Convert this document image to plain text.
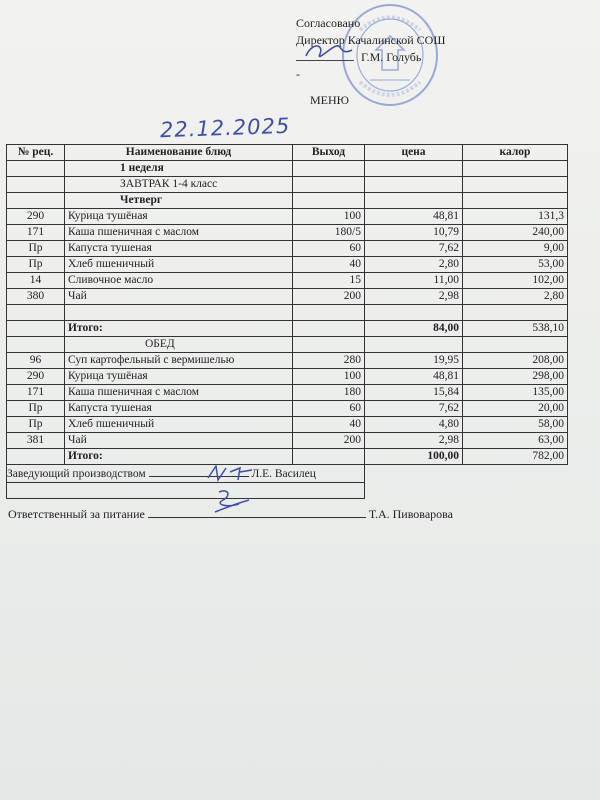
Согласовано
Директор Качалинской СОШ
Г.М. Голубь
-
МЕНЮ
22.12.2025
№ рец.	Наименование блюд	Выход	цена	калор
	1 неделя			
	ЗАВТРАК 1-4 класс			
	Четверг			
290	Курица тушёная	100	48,81	131,3
171	Каша пшеничная с маслом	180/5	10,79	240,00
Пр	Капуста тушеная	60	7,62	9,00
Пр	Хлеб пшеничный	40	2,80	53,00
14	Сливочное масло	15	11,00	102,00
380	Чай	200	2,98	2,80

	Итого:		84,00	538,10
	ОБЕД			
96	Суп картофельный с вермишелью	280	19,95	208,00
290	Курица тушёная	100	48,81	298,00
171	Каша пшеничная с маслом	180	15,84	135,00
Пр	Капуста тушеная	60	7,62	20,00
Пр	Хлеб пшеничный	40	4,80	58,00
381	Чай	200	2,98	63,00
	Итого:		100,00	782,00
Заведующий производством Л.Е. Василец				

Ответственный за питание	Т.А. Пивоварова
